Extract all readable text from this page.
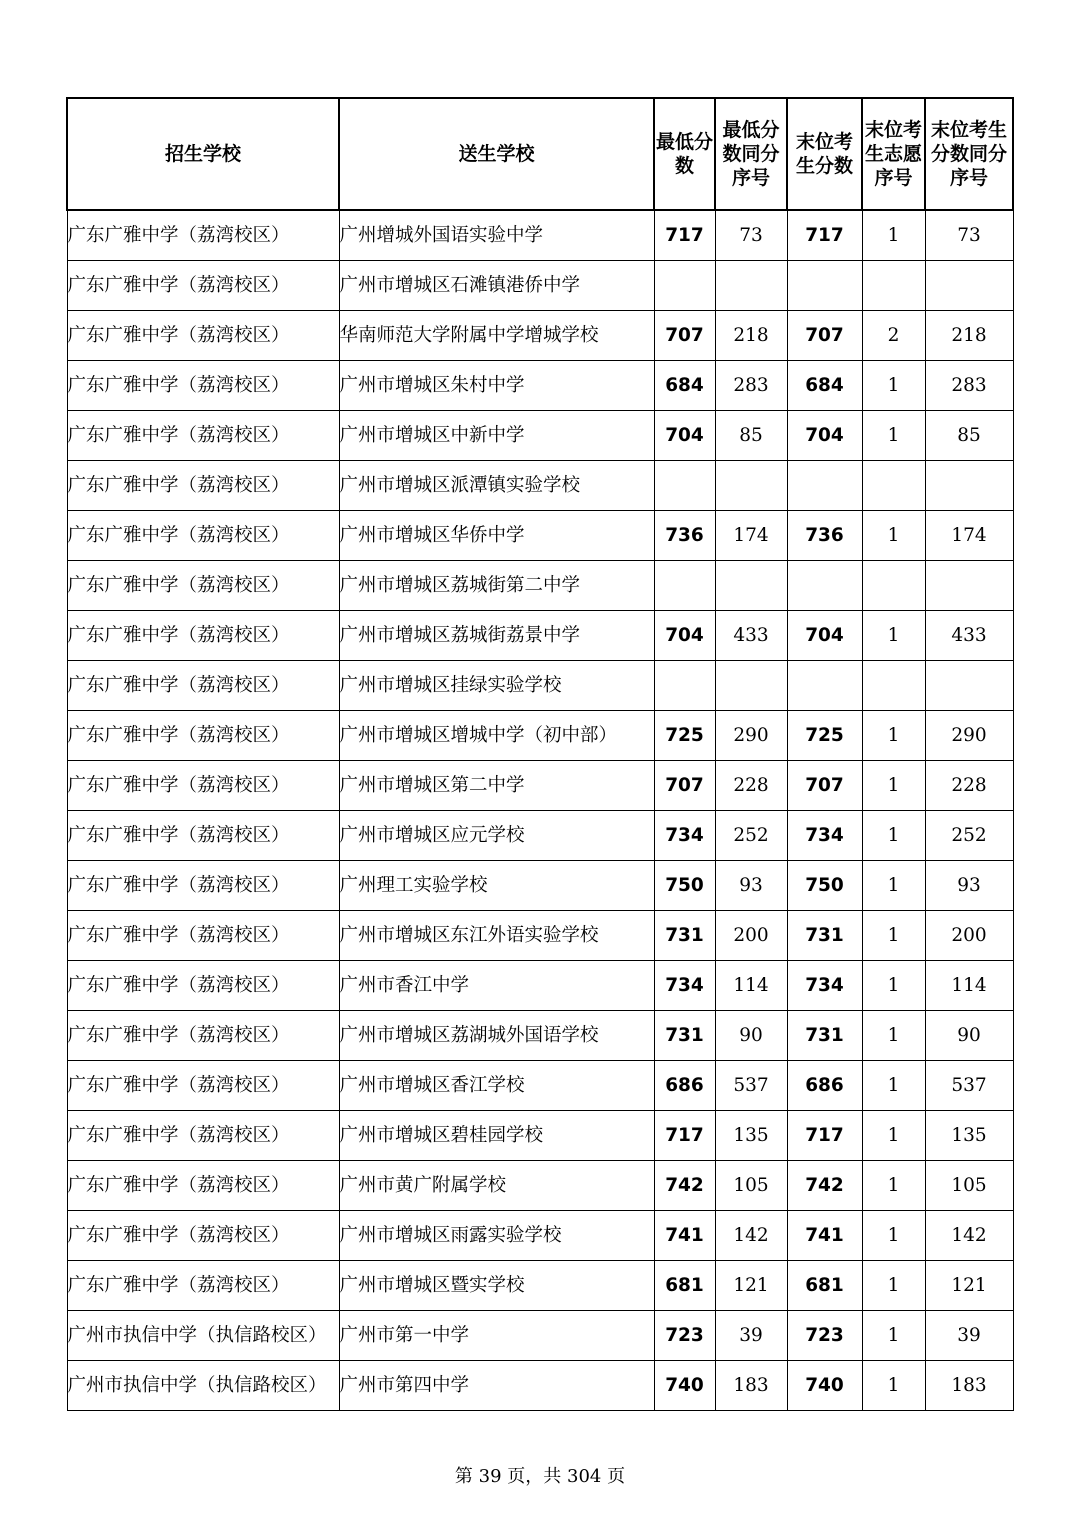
招生学校	送生学校	最低分数	最低分数同分序号	末位考生分数	末位考生志愿序号	末位考生分数同分序号
广东广雅中学（荔湾校区）	广州增城外国语实验中学	717	73	717	1	73
广东广雅中学（荔湾校区）	广州市增城区石滩镇港侨中学					
广东广雅中学（荔湾校区）	华南师范大学附属中学增城学校	707	218	707	2	218
广东广雅中学（荔湾校区）	广州市增城区朱村中学	684	283	684	1	283
广东广雅中学（荔湾校区）	广州市增城区中新中学	704	85	704	1	85
广东广雅中学（荔湾校区）	广州市增城区派潭镇实验学校					
广东广雅中学（荔湾校区）	广州市增城区华侨中学	736	174	736	1	174
广东广雅中学（荔湾校区）	广州市增城区荔城街第二中学					
广东广雅中学（荔湾校区）	广州市增城区荔城街荔景中学	704	433	704	1	433
广东广雅中学（荔湾校区）	广州市增城区挂绿实验学校					
广东广雅中学（荔湾校区）	广州市增城区增城中学（初中部）	725	290	725	1	290
广东广雅中学（荔湾校区）	广州市增城区第二中学	707	228	707	1	228
广东广雅中学（荔湾校区）	广州市增城区应元学校	734	252	734	1	252
广东广雅中学（荔湾校区）	广州理工实验学校	750	93	750	1	93
广东广雅中学（荔湾校区）	广州市增城区东江外语实验学校	731	200	731	1	200
广东广雅中学（荔湾校区）	广州市香江中学	734	114	734	1	114
广东广雅中学（荔湾校区）	广州市增城区荔湖城外国语学校	731	90	731	1	90
广东广雅中学（荔湾校区）	广州市增城区香江学校	686	537	686	1	537
广东广雅中学（荔湾校区）	广州市增城区碧桂园学校	717	135	717	1	135
广东广雅中学（荔湾校区）	广州市黄广附属学校	742	105	742	1	105
广东广雅中学（荔湾校区）	广州市增城区雨露实验学校	741	142	741	1	142
广东广雅中学（荔湾校区）	广州市增城区暨实学校	681	121	681	1	121
广州市执信中学（执信路校区）	广州市第一中学	723	39	723	1	39
广州市执信中学（执信路校区）	广州市第四中学	740	183	740	1	183
第 39 页，共 304 页
